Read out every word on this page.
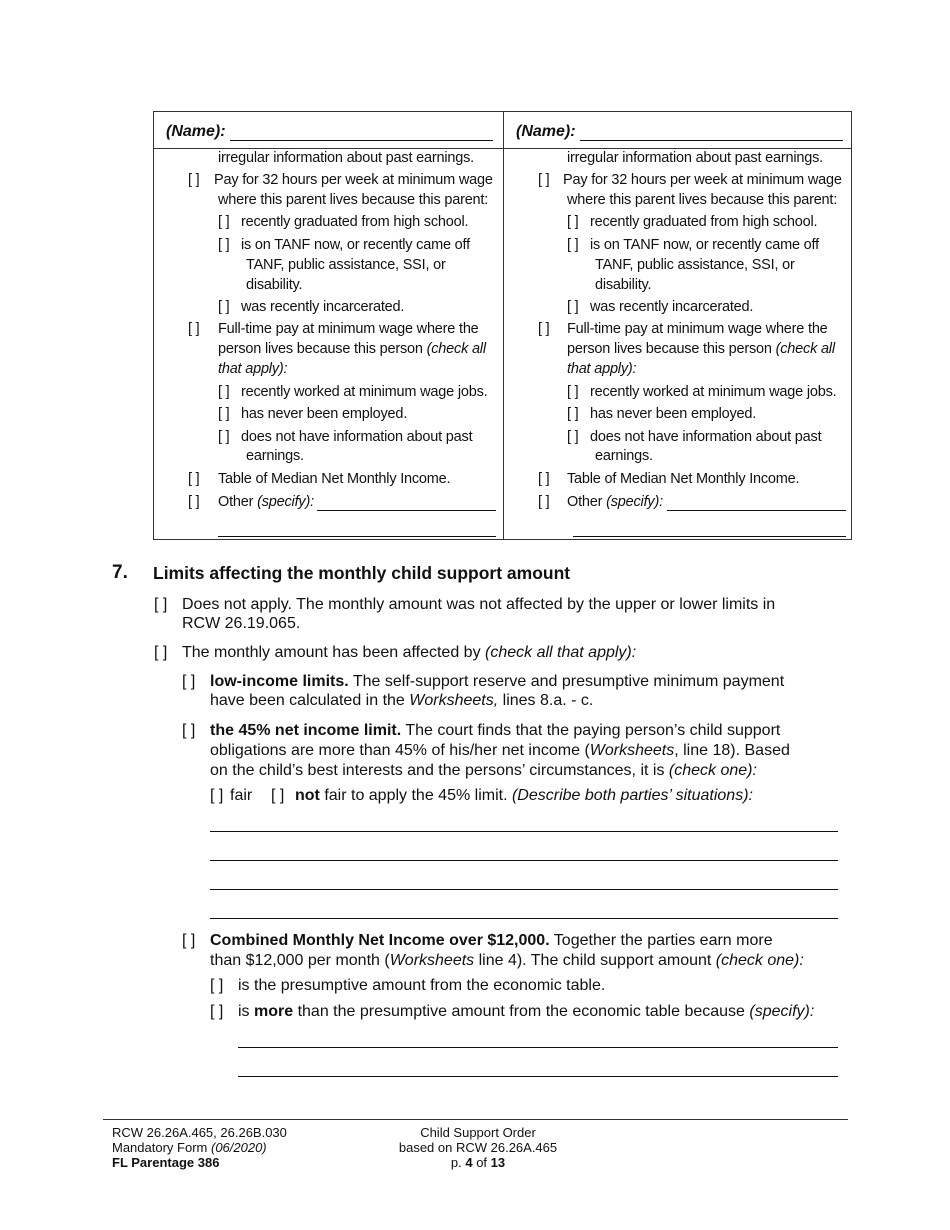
(Name):
irregular information about past earnings.
[ ] Pay for 32 hours per week at minimum wage
where this parent lives because this parent:
[ ] recently graduated from high school.
[ ] is on TANF now, or recently came off
TANF, public assistance, SSI, or
disability.
[ ] was recently incarcerated.
[ ] Full-time pay at minimum wage where the
person lives because this person (check all
that apply):
[ ] recently worked at minimum wage jobs.
[ ] has never been employed.
[ ] does not have information about past
earnings.
[ ] Table of Median Net Monthly Income.
[ ] Other (specify):
(Name):
irregular information about past earnings.
[ ] Pay for 32 hours per week at minimum wage
where this parent lives because this parent:
[ ] recently graduated from high school.
[ ] is on TANF now, or recently came off
TANF, public assistance, SSI, or
disability.
[ ] was recently incarcerated.
[ ] Full-time pay at minimum wage where the
person lives because this person (check all
that apply):
[ ] recently worked at minimum wage jobs.
[ ] has never been employed.
[ ] does not have information about past
earnings.
[ ] Table of Median Net Monthly Income.
[ ] Other (specify):
7. Limits affecting the monthly child support amount
[ ] Does not apply. The monthly amount was not affected by the upper or lower limits in
RCW 26.19.065.
[ ] The monthly amount has been affected by (check all that apply):
[ ] low-income limits. The self-support reserve and presumptive minimum payment
have been calculated in the Worksheets, lines 8.a. - c.
[ ] the 45% net income limit. The court finds that the paying person’s child support
obligations are more than 45% of his/her net income (Worksheets, line 18). Based
on the child’s best interests and the persons’ circumstances, it is (check one):
[ ] fair [ ] not fair to apply the 45% limit. (Describe both parties’ situations):
[ ] Combined Monthly Net Income over $12,000. Together the parties earn more
than $12,000 per month (Worksheets line 4). The child support amount (check one):
[ ] is the presumptive amount from the economic table.
[ ] is more than the presumptive amount from the economic table because (specify):
RCW 26.26A.465, 26.26B.030
Mandatory Form (06/2020)
FL Parentage 386
Child Support Order
based on RCW 26.26A.465
p. 4 of 13
